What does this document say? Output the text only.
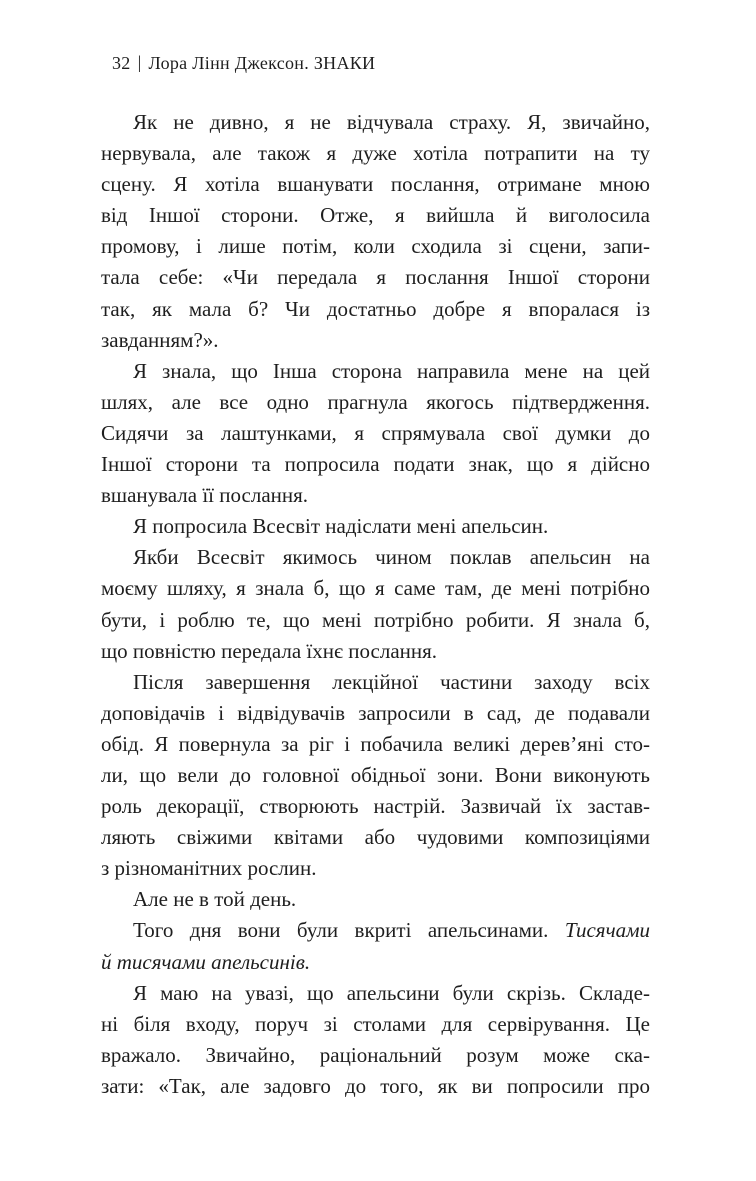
32 | Лора Лінн Джексон. ЗНАКИ
Як не дивно, я не відчувала страху. Я, звичайно,
нервувала, але також я дуже хотіла потрапити на ту
сцену. Я хотіла вшанувати послання, отримане мною
від Іншої сторони. Отже, я вийшла й виголосила
промову, і лише потім, коли сходила зі сцени, запи-
тала себе: «Чи передала я послання Іншої сторони
так, як мала б? Чи достатньо добре я впоралася із
завданням?».
Я знала, що Інша сторона направила мене на цей
шлях, але все одно прагнула якогось підтвердження.
Сидячи за лаштунками, я спрямувала свої думки до
Іншої сторони та попросила подати знак, що я дійсно
вшанувала її послання.
Я попросила Всесвіт надіслати мені апельсин.
Якби Всесвіт якимось чином поклав апельсин на
моєму шляху, я знала б, що я саме там, де мені потрібно
бути, і роблю те, що мені потрібно робити. Я знала б,
що повністю передала їхнє послання.
Після завершення лекційної частини заходу всіх
доповідачів і відвідувачів запросили в сад, де подавали
обід. Я повернула за ріг і побачила великі дерев’яні сто-
ли, що вели до головної обідньої зони. Вони виконують
роль декорації, створюють настрій. Зазвичай їх застав-
ляють свіжими квітами або чудовими композиціями
з різноманітних рослин.
Але не в той день.
Того дня вони були вкриті апельсинами. Тисячами
й тисячами апельсинів.
Я маю на увазі, що апельсини були скрізь. Складе-
ні біля входу, поруч зі столами для сервірування. Це
вражало. Звичайно, раціональний розум може ска-
зати: «Так, але задовго до того, як ви попросили про
